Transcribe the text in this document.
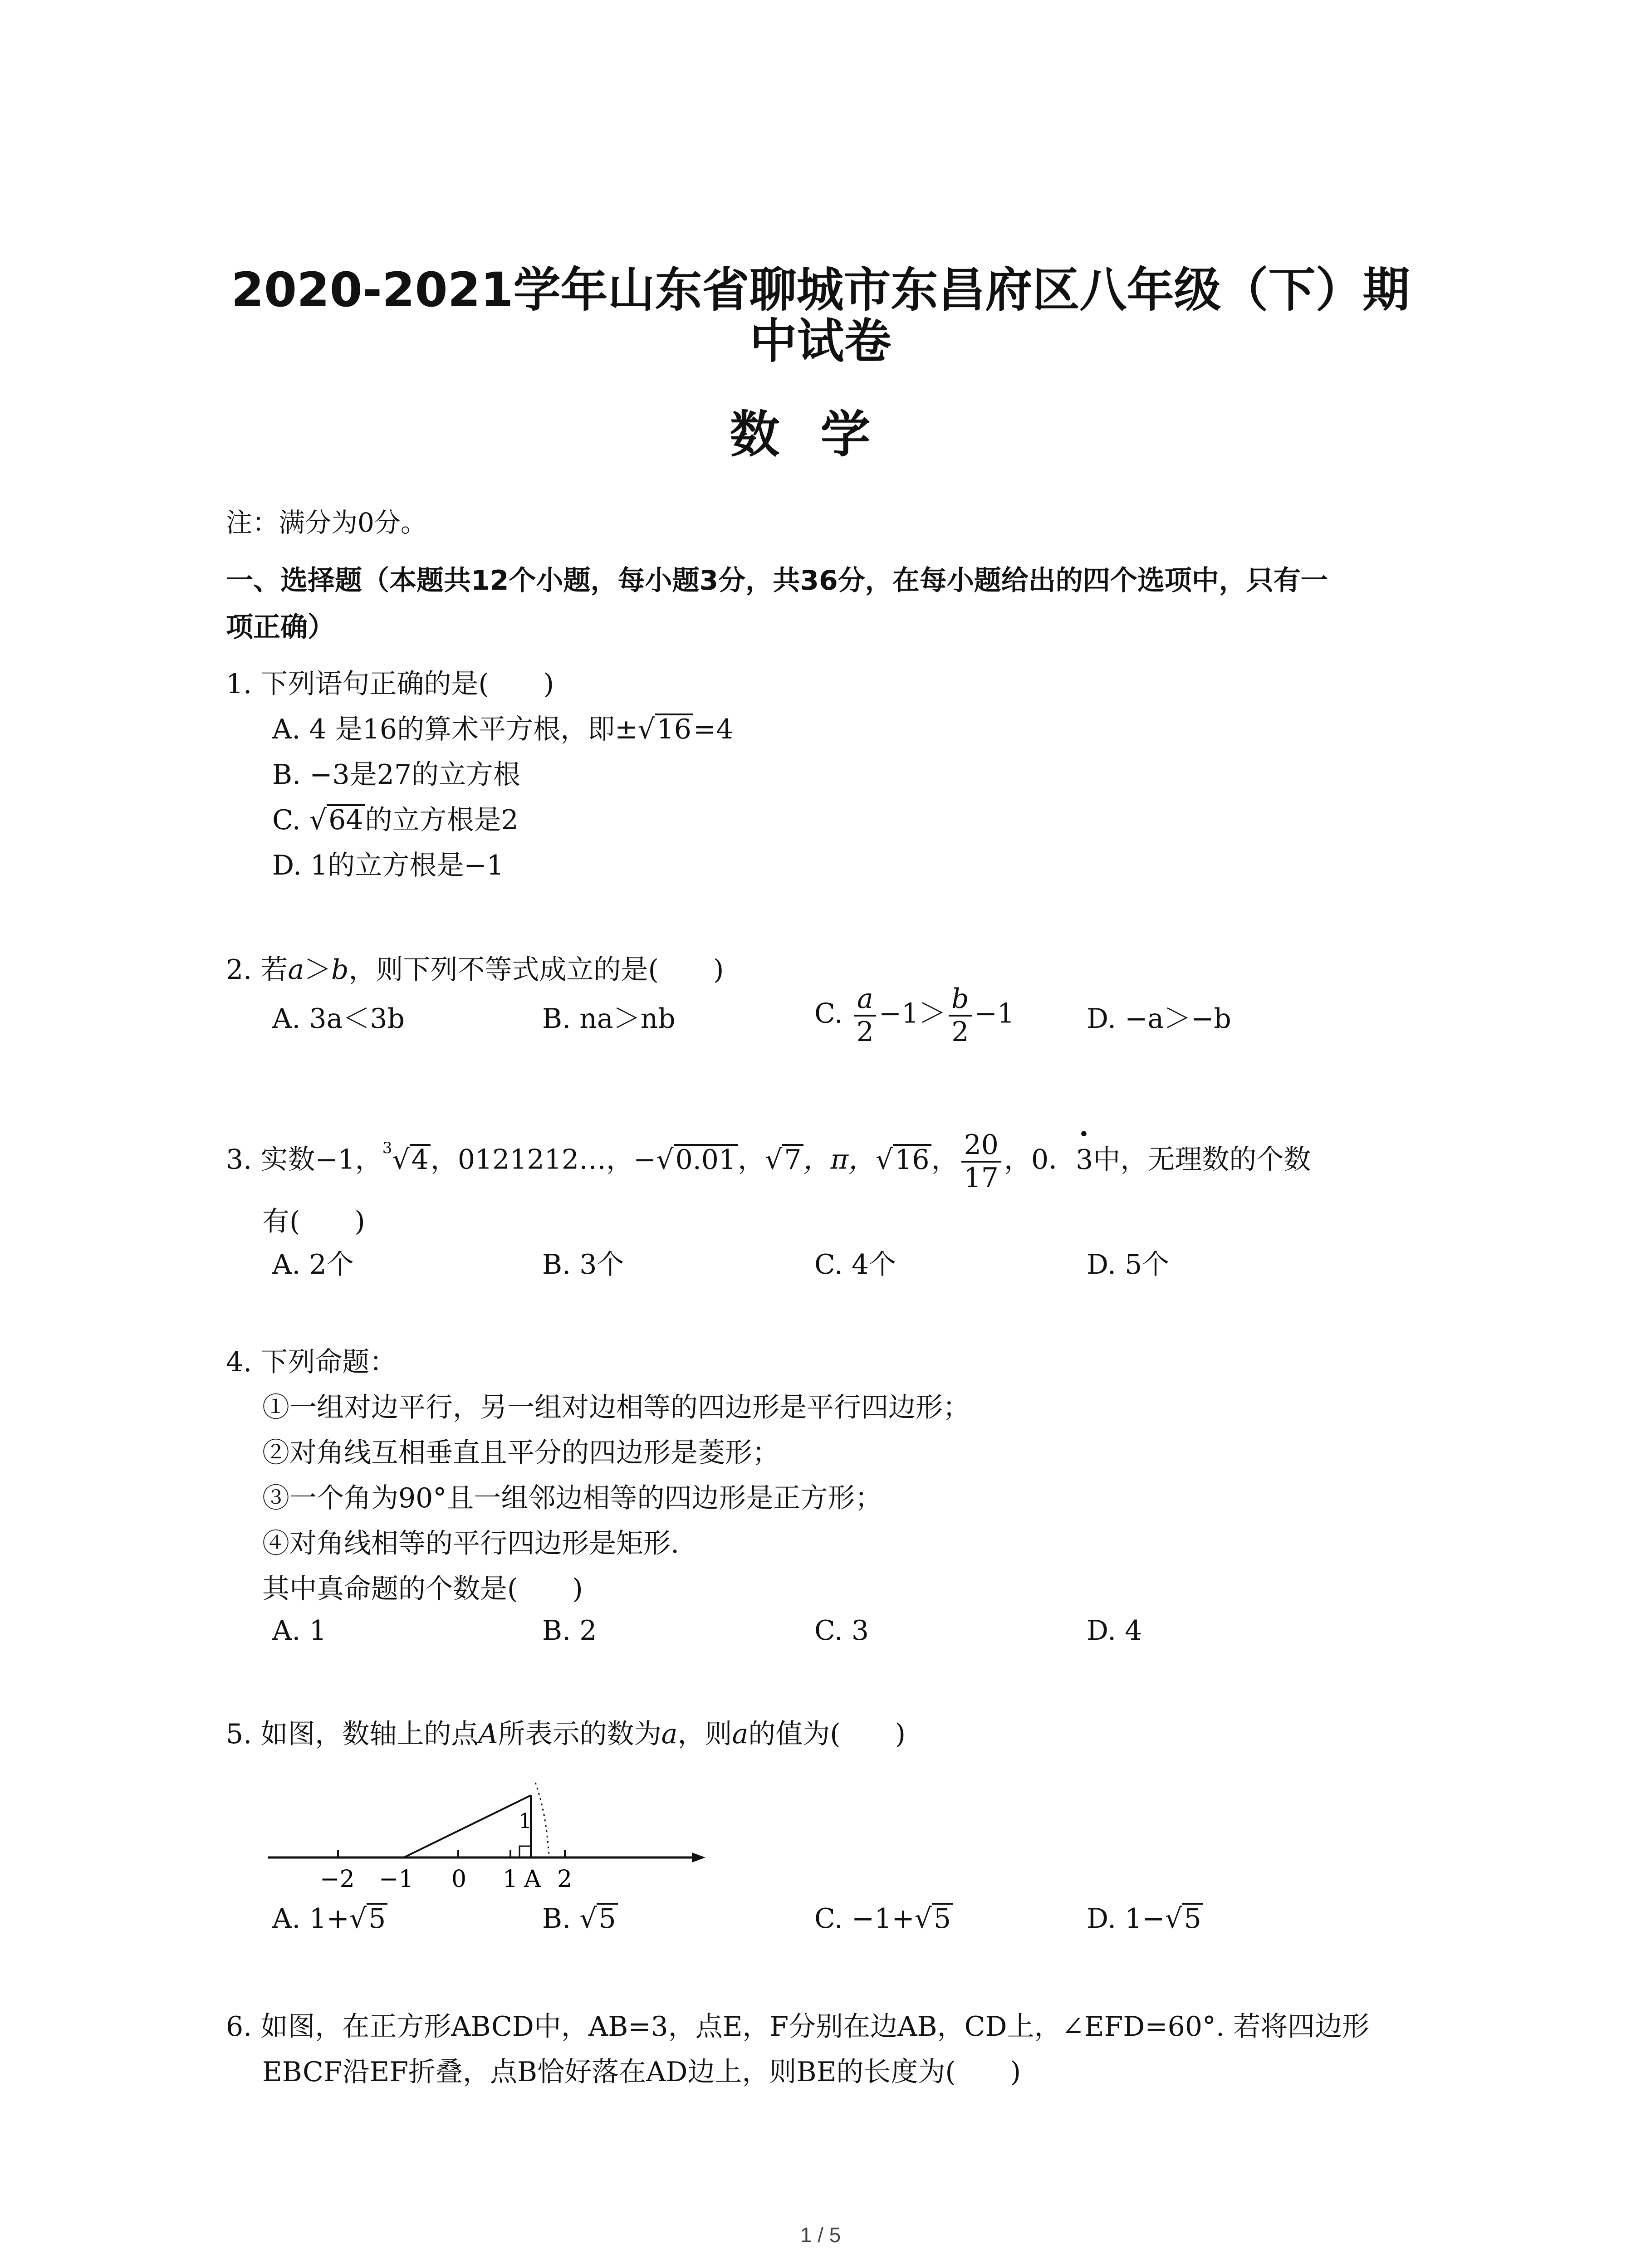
2020-2021学年山东省聊城市东昌府区八年级（下）期
中试卷
数学
注：满分为0分。
一、选择题（本题共12个小题，每小题3分，共36分，在每小题给出的四个选项中，只有一
项正确）
1. 下列语句正确的是(　　)
A. 4 是16的算术平方根，即±√16=4
B. −3是27的立方根
C. √64的立方根是2
D. 1的立方根是−1
2. 若a＞b，则下列不等式成立的是(　　)
A. 3a＜3b	B. na＞nb	C. $\frac{a}{2} -1> \frac{b}{2} -1$	D. −a＞−b
3. 实数−1，$^3$√4，0121212…，−√0.01，√7，π，√16， $\frac{20}{17}$ ，0．• 3中，无理数的个数
有(　　)
A. 2个	B. 3个	C. 4个	D. 5个
4. 下列命题：
①一组对边平行，另一组对边相等的四边形是平行四边形；
②对角线互相垂直且平分的四边形是菱形；
③一个角为90°且一组邻边相等的四边形是正方形；
④对角线相等的平行四边形是矩形.
其中真命题的个数是(　　)
A. 1	B. 2	C. 3	D. 4
5. 如图，数轴上的点A所表示的数为a，则a的值为(　　)
1
−2 −1 0 1 A 2
A. 1+√5	B. √5	C. −1+√5	D. 1−√5
6. 如图，在正方形ABCD中，AB=3，点E，F分别在边AB，CD上，∠EFD=60°. 若将四边形
EBCF沿EF折叠，点B恰好落在AD边上，则BE的长度为(　　)
1 / 5
